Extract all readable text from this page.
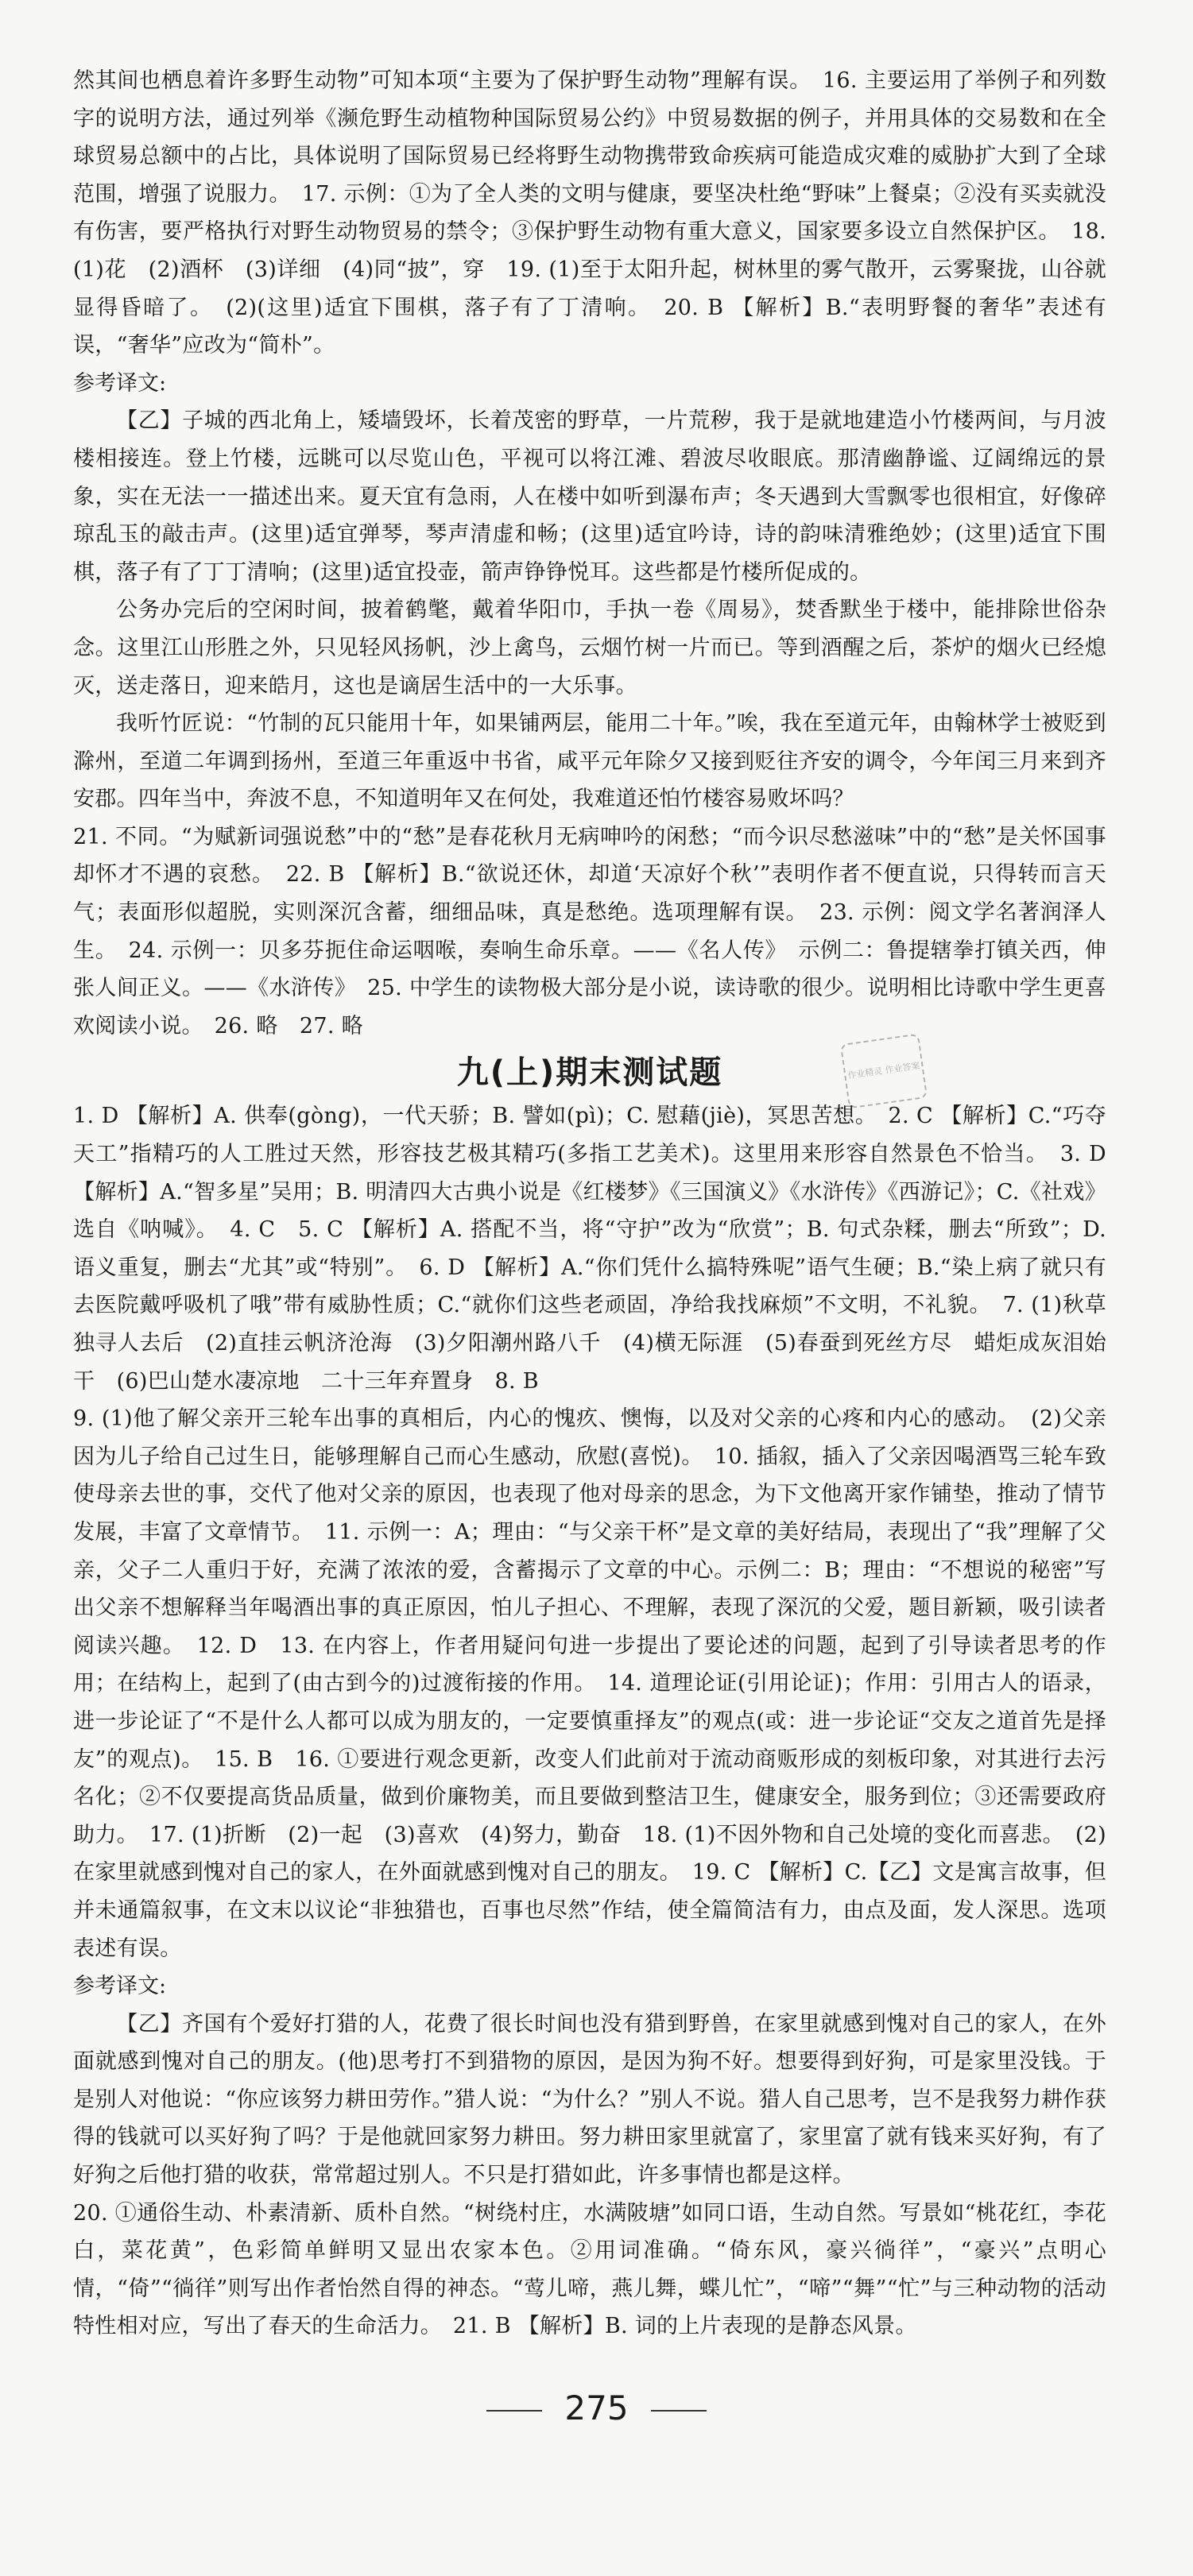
然其间也栖息着许多野生动物”可知本项“主要为了保护野生动物”理解有误。　16. 主要运用了举例子和列数字的说明方法，通过列举《濒危野生动植物种国际贸易公约》中贸易数据的例子，并用具体的交易数和在全球贸易总额中的占比，具体说明了国际贸易已经将野生动物携带致命疾病可能造成灾难的威胁扩大到了全球范围，增强了说服力。　17. 示例：①为了全人类的文明与健康，要坚决杜绝“野味”上餐桌；②没有买卖就没有伤害，要严格执行对野生动物贸易的禁令；③保护野生动物有重大意义，国家要多设立自然保护区。　18. (1)花　(2)酒杯　(3)详细　(4)同“披”，穿　19. (1)至于太阳升起，树林里的雾气散开，云雾聚拢，山谷就显得昏暗了。　(2)(这里)适宜下围棋，落子有了丁清响。　20. B 【解析】B.“表明野餐的奢华”表述有误，“奢华”应改为“简朴”。

参考译文:

【乙】子城的西北角上，矮墙毁坏，长着茂密的野草，一片荒秽，我于是就地建造小竹楼两间，与月波楼相接连。登上竹楼，远眺可以尽览山色，平视可以将江滩、碧波尽收眼底。那清幽静谧、辽阔绵远的景象，实在无法一一描述出来。夏天宜有急雨，人在楼中如听到瀑布声；冬天遇到大雪飘零也很相宜，好像碎琼乱玉的敲击声。(这里)适宜弹琴，琴声清虚和畅；(这里)适宜吟诗，诗的韵味清雅绝妙；(这里)适宜下围棋，落子有了丁丁清响；(这里)适宜投壶，箭声铮铮悦耳。这些都是竹楼所促成的。

公务办完后的空闲时间，披着鹤氅，戴着华阳巾，手执一卷《周易》，焚香默坐于楼中，能排除世俗杂念。这里江山形胜之外，只见轻风扬帆，沙上禽鸟，云烟竹树一片而已。等到酒醒之后，茶炉的烟火已经熄灭，送走落日，迎来皓月，这也是谪居生活中的一大乐事。

我听竹匠说：“竹制的瓦只能用十年，如果铺两层，能用二十年。”唉，我在至道元年，由翰林学士被贬到滁州，至道二年调到扬州，至道三年重返中书省，咸平元年除夕又接到贬往齐安的调令，今年闰三月来到齐安郡。四年当中，奔波不息，不知道明年又在何处，我难道还怕竹楼容易败坏吗？

21. 不同。“为赋新词强说愁”中的“愁”是春花秋月无病呻吟的闲愁；“而今识尽愁滋味”中的“愁”是关怀国事却怀才不遇的哀愁。　22. B 【解析】B.“欲说还休，却道‘天凉好个秋’”表明作者不便直说，只得转而言天气；表面形似超脱，实则深沉含蓄，细细品味，真是愁绝。选项理解有误。　23. 示例：阅文学名著润泽人生。　24. 示例一：贝多芬扼住命运咽喉，奏响生命乐章。——《名人传》　示例二：鲁提辖拳打镇关西，伸张人间正义。——《水浒传》　25. 中学生的读物极大部分是小说，读诗歌的很少。说明相比诗歌中学生更喜欢阅读小说。　26. 略　27. 略

九(上)期末测试题	作业精灵 作业答案

1. D 【解析】A. 供奉(gòng)，一代天骄；B. 譬如(pì)；C. 慰藉(jiè)，冥思苦想。　2. C 【解析】C.“巧夺天工”指精巧的人工胜过天然，形容技艺极其精巧(多指工艺美术)。这里用来形容自然景色不恰当。　3. D 【解析】A.“智多星”吴用；B. 明清四大古典小说是《红楼梦》《三国演义》《水浒传》《西游记》；C.《社戏》选自《呐喊》。　4. C　5. C 【解析】A. 搭配不当，将“守护”改为“欣赏”；B. 句式杂糅，删去“所致”；D. 语义重复，删去“尤其”或“特别”。　6. D 【解析】A.“你们凭什么搞特殊呢”语气生硬；B.“染上病了就只有去医院戴呼吸机了哦”带有威胁性质；C.“就你们这些老顽固，净给我找麻烦”不文明，不礼貌。　7. (1)秋草独寻人去后　(2)直挂云帆济沧海　(3)夕阳潮州路八千　(4)横无际涯　(5)春蚕到死丝方尽　蜡炬成灰泪始干　(6)巴山楚水凄凉地　二十三年弃置身　8. B

9. (1)他了解父亲开三轮车出事的真相后，内心的愧疚、懊悔，以及对父亲的心疼和内心的感动。　(2)父亲因为儿子给自己过生日，能够理解自己而心生感动，欣慰(喜悦)。　10. 插叙，插入了父亲因喝酒骂三轮车致使母亲去世的事，交代了他对父亲的原因，也表现了他对母亲的思念，为下文他离开家作铺垫，推动了情节发展，丰富了文章情节。　11. 示例一：A；理由：“与父亲干杯”是文章的美好结局，表现出了“我”理解了父亲，父子二人重归于好，充满了浓浓的爱，含蓄揭示了文章的中心。示例二：B；理由：“不想说的秘密”写出父亲不想解释当年喝酒出事的真正原因，怕儿子担心、不理解，表现了深沉的父爱，题目新颖，吸引读者阅读兴趣。　12. D　13. 在内容上，作者用疑问句进一步提出了要论述的问题，起到了引导读者思考的作用；在结构上，起到了(由古到今的)过渡衔接的作用。　14. 道理论证(引用论证)；作用：引用古人的语录，进一步论证了“不是什么人都可以成为朋友的，一定要慎重择友”的观点(或：进一步论证“交友之道首先是择友”的观点)。　15. B　16. ①要进行观念更新，改变人们此前对于流动商贩形成的刻板印象，对其进行去污名化；②不仅要提高货品质量，做到价廉物美，而且要做到整洁卫生，健康安全，服务到位；③还需要政府助力。　17. (1)折断　(2)一起　(3)喜欢　(4)努力，勤奋　18. (1)不因外物和自己处境的变化而喜悲。　(2)在家里就感到愧对自己的家人，在外面就感到愧对自己的朋友。　19. C 【解析】C.【乙】文是寓言故事，但并未通篇叙事，在文末以议论“非独猎也，百事也尽然”作结，使全篇简洁有力，由点及面，发人深思。选项表述有误。

参考译文:

【乙】齐国有个爱好打猎的人，花费了很长时间也没有猎到野兽，在家里就感到愧对自己的家人，在外面就感到愧对自己的朋友。(他)思考打不到猎物的原因，是因为狗不好。想要得到好狗，可是家里没钱。于是别人对他说：“你应该努力耕田劳作。”猎人说：“为什么？”别人不说。猎人自己思考，岂不是我努力耕作获得的钱就可以买好狗了吗？于是他就回家努力耕田。努力耕田家里就富了，家里富了就有钱来买好狗，有了好狗之后他打猎的收获，常常超过别人。不只是打猎如此，许多事情也都是这样。

20. ①通俗生动、朴素清新、质朴自然。“树绕村庄，水满陂塘”如同口语，生动自然。写景如“桃花红，李花白，菜花黄”，色彩简单鲜明又显出农家本色。②用词准确。“倚东风，豪兴徜徉”，“豪兴”点明心情，“倚”“徜徉”则写出作者怡然自得的神态。“莺儿啼，燕儿舞，蝶儿忙”，“啼”“舞”“忙”与三种动物的活动特性相对应，写出了春天的生命活力。　21. B 【解析】B. 词的上片表现的是静态风景。

275
